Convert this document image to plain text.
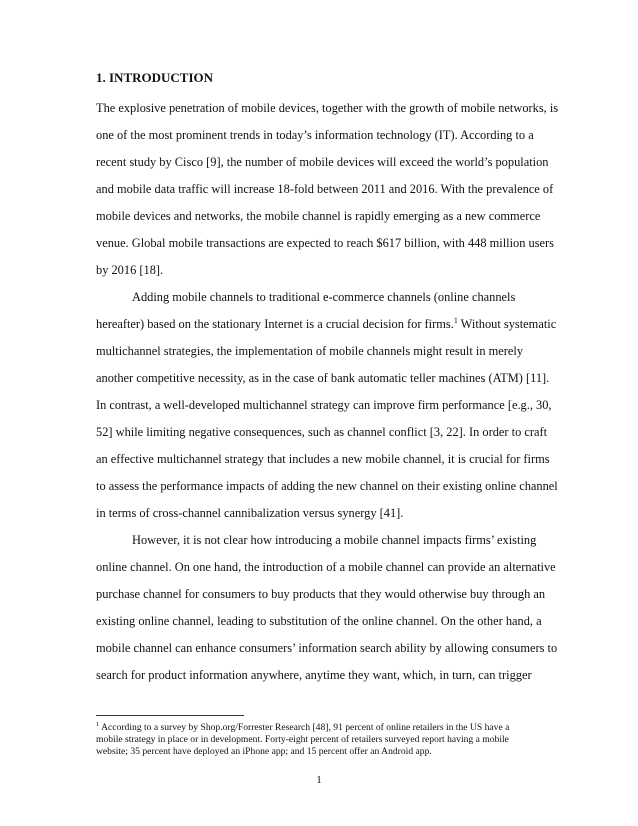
1. INTRODUCTION
The explosive penetration of mobile devices, together with the growth of mobile networks, is
one of the most prominent trends in today’s information technology (IT). According to a
recent study by Cisco [9], the number of mobile devices will exceed the world’s population
and mobile data traffic will increase 18-fold between 2011 and 2016. With the prevalence of
mobile devices and networks, the mobile channel is rapidly emerging as a new commerce
venue. Global mobile transactions are expected to reach $617 billion, with 448 million users
by 2016 [18].
Adding mobile channels to traditional e-commerce channels (online channels
hereafter) based on the stationary Internet is a crucial decision for firms.$^1$ Without systematic
multichannel strategies, the implementation of mobile channels might result in merely
another competitive necessity, as in the case of bank automatic teller machines (ATM) [11].
In contrast, a well-developed multichannel strategy can improve firm performance [e.g., 30,
52] while limiting negative consequences, such as channel conflict [3, 22]. In order to craft
an effective multichannel strategy that includes a new mobile channel, it is crucial for firms
to assess the performance impacts of adding the new channel on their existing online channel
in terms of cross-channel cannibalization versus synergy [41].
However, it is not clear how introducing a mobile channel impacts firms’ existing
online channel. On one hand, the introduction of a mobile channel can provide an alternative
purchase channel for consumers to buy products that they would otherwise buy through an
existing online channel, leading to substitution of the online channel. On the other hand, a
mobile channel can enhance consumers’ information search ability by allowing consumers to
search for product information anywhere, anytime they want, which, in turn, can trigger
$^1$ According to a survey by Shop.org/Forrester Research [48], 91 percent of online retailers in the US have a
mobile strategy in place or in development. Forty-eight percent of retailers surveyed report having a mobile
website; 35 percent have deployed an iPhone app; and 15 percent offer an Android app.
1
